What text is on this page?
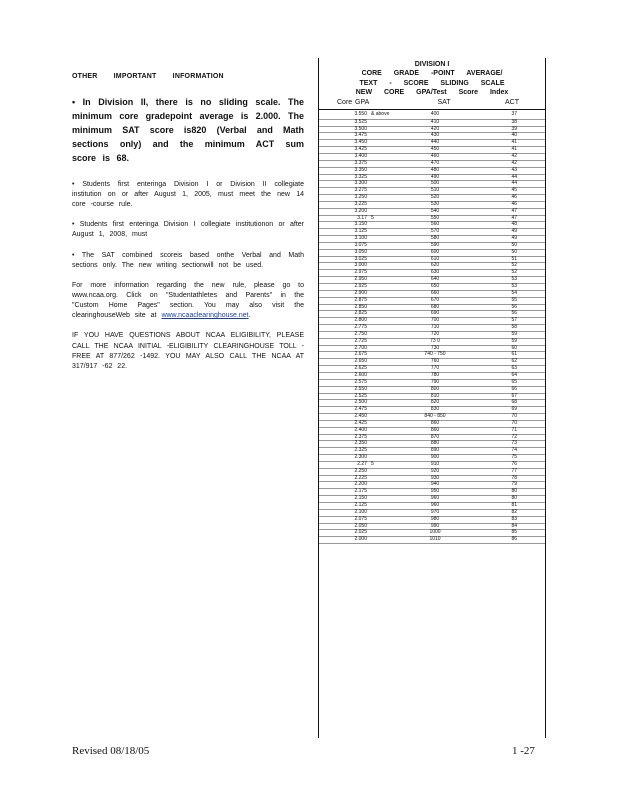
OTHER IMPORTANT INFORMATION

• In Division II, there is no sliding scale. The minimum core gradepoint average is 2.000. The minimum SAT score is820 (Verbal and Math sections only) and the minimum ACT sum score is 68.

• Students first enteringa Division I or Division II collegiate institution on or after August 1, 2005, must meet the new 14 core -course rule.

• Students first enteringa Division I collegiate institutionon or after August 1, 2008, must

• The SAT combined scoreis based onthe Verbal and Math sections only. The new writing sectionwill not be used.

For more information regarding the new rule, please go to www.ncaa.org. Click on "Studentathletes and Parents" in the "Custom Home Pages" section. You may also visit the clearinghouseWeb site at www.ncaaclearinghouse.net.

IF YOU HAVE QUESTIONS ABOUT NCAA ELIGIBILITY, PLEASE CALL THE NCAA INITIAL -ELIGIBILITY CLEARINGHOUSE TOLL -FREE AT 877/262 -1492. YOU MAY ALSO CALL THE NCAA AT 317/917 -62 22.

DIVISION I
CORE GRADE -POINT AVERAGE/
TEXT - SCORE SLIDING SCALE
NEW CORE GPA/Test Score Index
Core GPA	SAT	ACT
3.550 & above	400	37
3.525	410	38
3.500	420	39
3.475	430	40
3.450	440	41
3.425	450	41
3.400	460	42
3.375	470	42
3.350	480	43
3.325	490	44
3.300	500	44
3.275	510	45
3.250	520	46
3.225	530	46
3.200	540	47
3.17 5	550	47
3.150	560	48
3.125	570	49
3.100	580	49
3.075	590	50
3.050	600	50
3.025	610	51
3.000	620	52
2.975	630	52
2.950	640	53
2.925	650	53
2.900	660	54
2.875	670	55
2.850	680	56
2.825	690	56
2.800	700	57
2.775	710	58
2.750	720	59
2.725	73 0	59
2.700	730	60
2.675	740 - 750	61
2.650	760	62
2.625	770	63
2.600	780	64
2.575	790	65
2.550	800	66
2.525	810	67
2.500	820	68
2.475	830	69
2.450	840 - 850	70
2.425	860	70
2.400	860	71
2.375	870	72
2.350	880	73
2.325	890	74
2.300	900	75
2.27 5	910	76
2.250	920	77
2.225	930	78
2.200	940	79
2.175	950	80
2.150	960	80
2.125	960	81
2.100	970	82
2.075	980	83
2.050	990	84
2.025	1000	85
2.000	1010	86
Revised 08/18/05	1 -27
